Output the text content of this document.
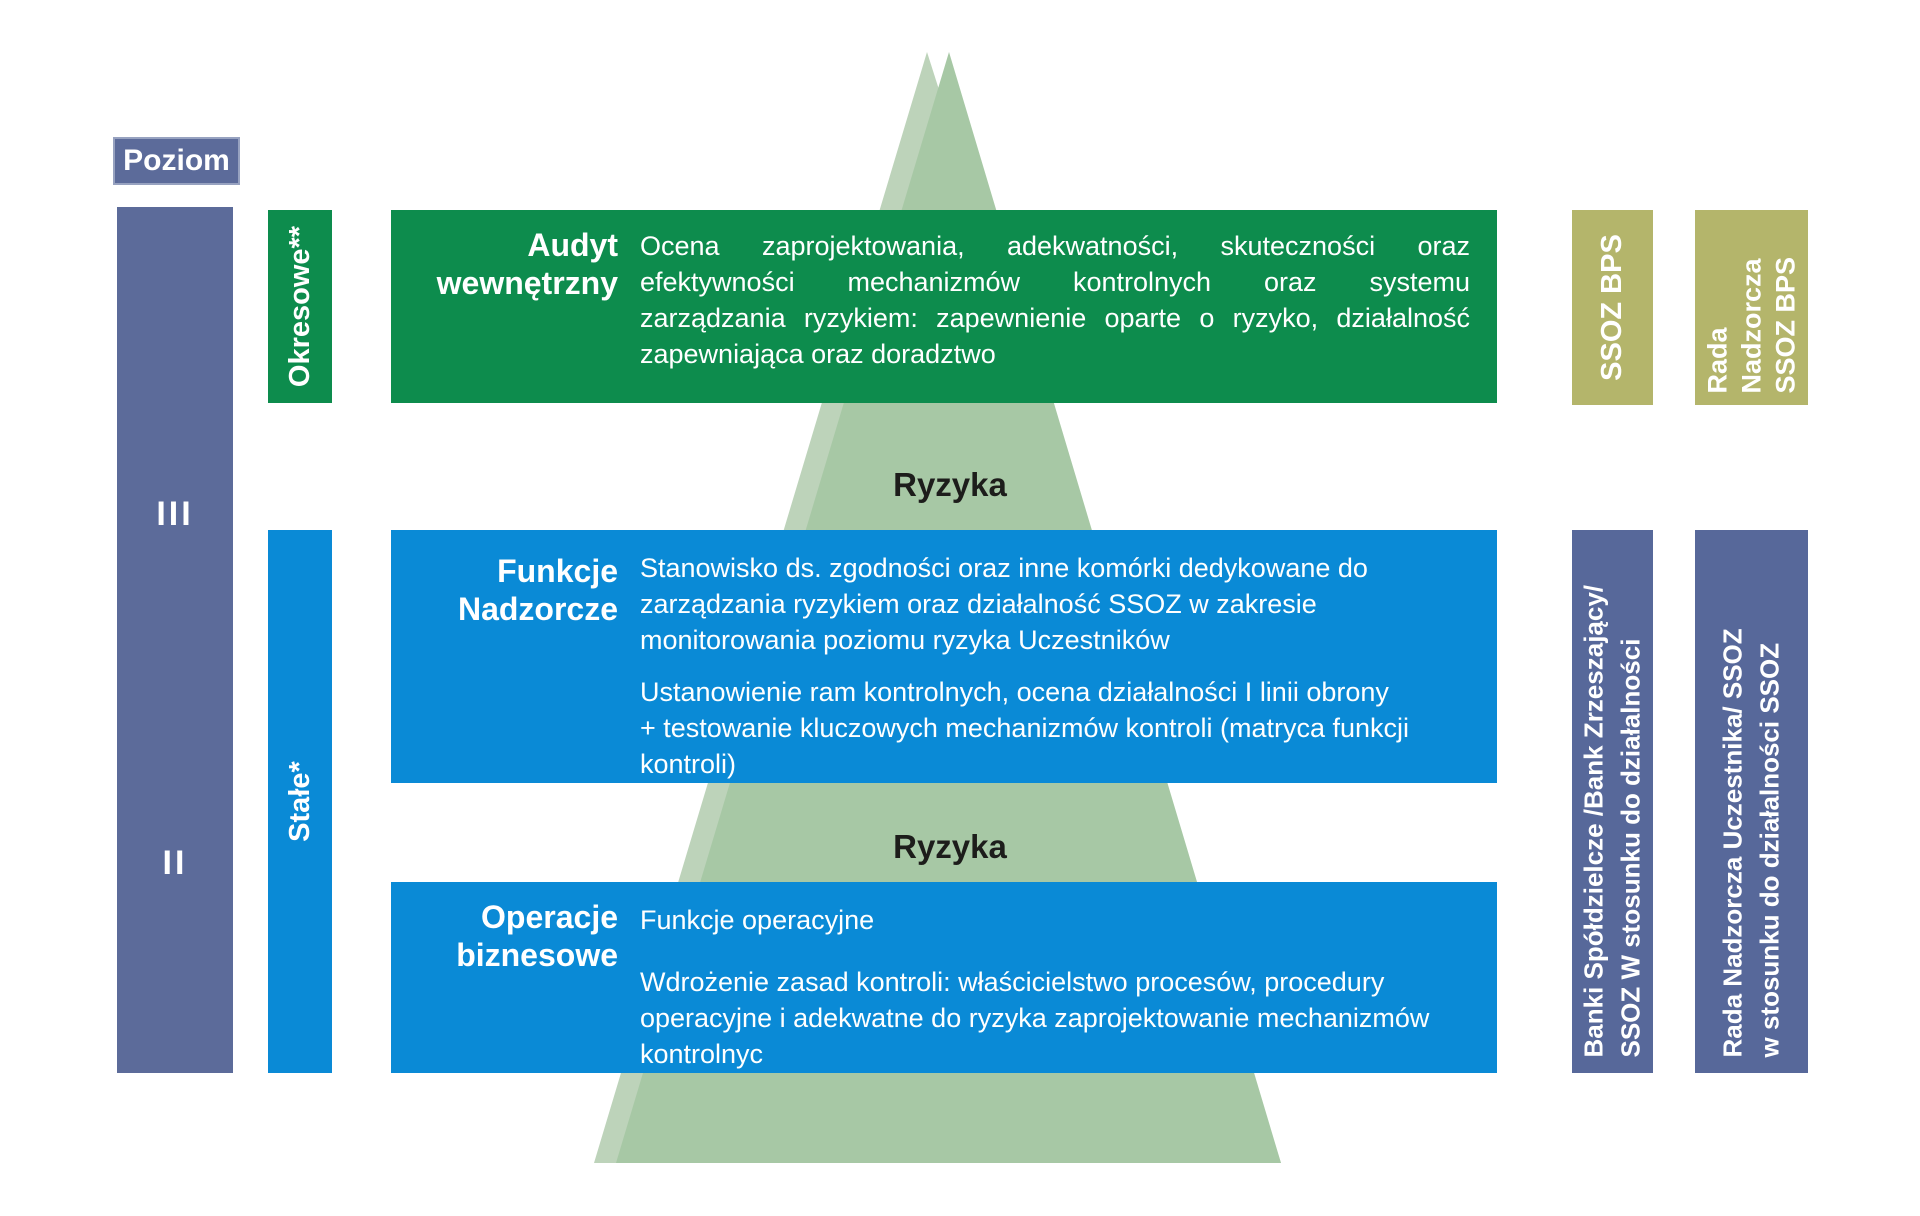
Poziom
III
II
I
Okresowe**
Stałe*
Audyt
wewnętrzny
Ocena zaprojektowania, adekwatności, skuteczności oraz
efektywności mechanizmów kontrolnych oraz systemu
zarządzania ryzykiem: zapewnienie oparte o ryzyko, działalność
zapewniająca oraz doradztwo
Ryzyka
Funkcje
Nadzorcze
Stanowisko ds. zgodności oraz inne komórki dedykowane do
zarządzania ryzykiem oraz działalność SSOZ w zakresie
monitorowania poziomu ryzyka Uczestników
Ustanowienie ram kontrolnych, ocena działalności I linii obrony
+ testowanie kluczowych mechanizmów kontroli (matryca funkcji
kontroli)
Ryzyka
Operacje
biznesowe
Funkcje operacyjne
Wdrożenie zasad kontroli: właścicielstwo procesów, procedury
operacyjne i adekwatne do ryzyka zaprojektowanie mechanizmów
kontrolnyc
SSOZ BPS	Rada Nadzorcza SSOZ BPS
Banki Spółdzielcze /Bank Zrzeszający/ SSOZ W stosunku do działalności	Rada Nadzorcza Uczestnika/ SSOZ w stosunku do działalności SSOZ
